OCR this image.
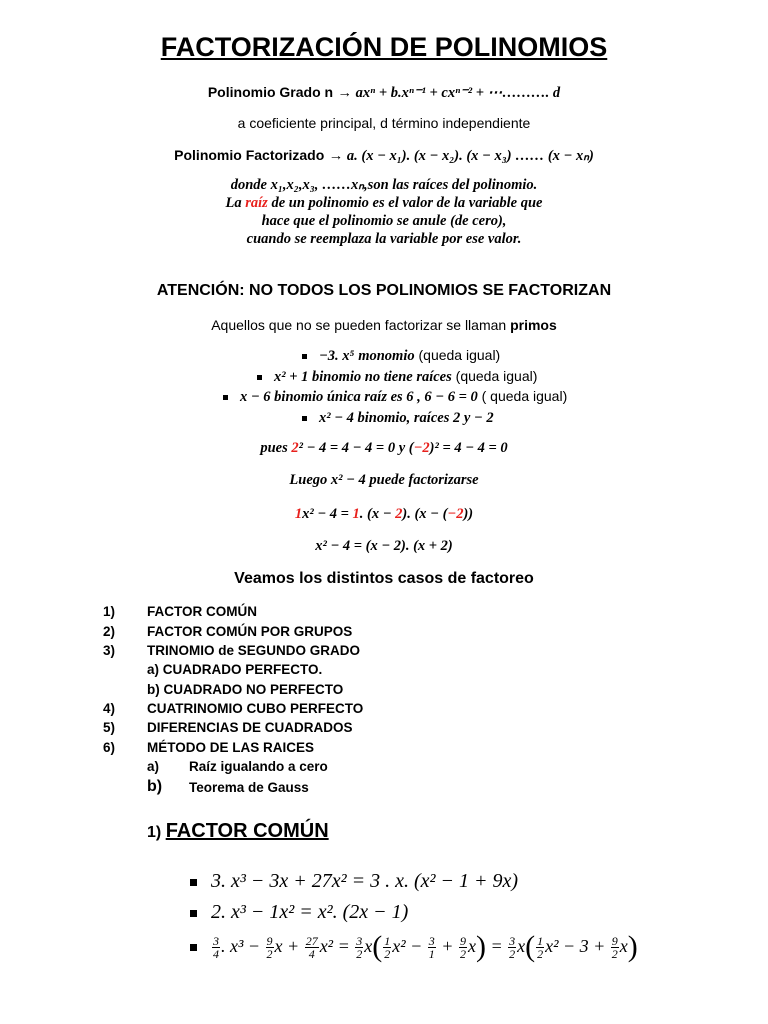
FACTORIZACIÓN DE POLINOMIOS
Polinomio Grado n → axⁿ + b.xⁿ⁻¹ + cxⁿ⁻² + ⋯………. d
a coeficiente principal, d término independiente
Polinomio Factorizado → a. (x − x₁). (x − x₂). (x − x₃) …… (x − xₙ)
donde x₁,x₂,x₃, ……xₙ,son las raíces del polinomio.
La raíz de un polinomio es el valor de la variable que
hace que el polinomio se anule (de cero),
cuando se reemplaza la variable por ese valor.
ATENCIÓN: NO TODOS LOS POLINOMIOS SE FACTORIZAN
Aquellos que no se pueden factorizar se llaman primos
−3. x⁵ monomio (queda igual)
x² + 1 binomio no tiene raíces (queda igual)
x − 6 binomio única raíz es 6 , 6 − 6 = 0 ( queda igual)
x² − 4 binomio, raíces 2 y − 2
pues 2² − 4 = 4 − 4 = 0 y (−2)² = 4 − 4 = 0
Luego x² − 4 puede factorizarse
1x² − 4 = 1. (x − 2). (x − (−2))
x² − 4 = (x − 2). (x + 2)
Veamos los distintos casos de factoreo
1) FACTOR COMÚN
2) FACTOR COMÚN POR GRUPOS
3) TRINOMIO de SEGUNDO GRADO
a) CUADRADO PERFECTO.
b) CUADRADO NO PERFECTO
4) CUATRINOMIO CUBO PERFECTO
5) DIFERENCIAS DE CUADRADOS
6) MÉTODO DE LAS RAICES
a) Raíz igualando a cero
b) Teorema de Gauss
1) FACTOR COMÚN
3. x³ − 3x + 27x² = 3 . x. (x² − 1 + 9x)
2. x³ − 1x² = x². (2x − 1)
$\frac{3}{4}$ . $x^3 - \frac{9}{2}$ $x + \frac{27}{4} x^2 = \frac{3}{2} x( \frac{1}{2} x^2 - \frac{3}{1} + \frac{9}{2} x) = \frac{3}{2} x( \frac{1}{2} x^2 - 3 + \frac{9}{2} x)$
